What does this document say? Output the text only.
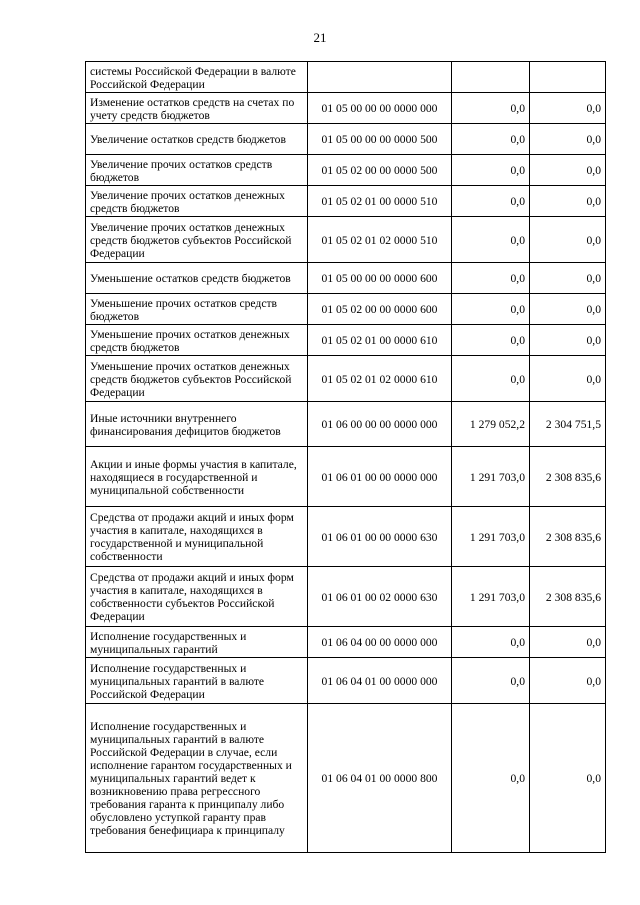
21
системы Российской Федерации в валюте Российской Федерации			
Изменение остатков средств на счетах по учету средств бюджетов	01 05 00 00 00 0000 000	0,0	0,0
Увеличение остатков средств бюджетов	01 05 00 00 00 0000 500	0,0	0,0
Увеличение прочих остатков средств бюджетов	01 05 02 00 00 0000 500	0,0	0,0
Увеличение прочих остатков денежных средств бюджетов	01 05 02 01 00 0000 510	0,0	0,0
Увеличение прочих остатков денежных средств бюджетов субъектов Российской Федерации	01 05 02 01 02 0000 510	0,0	0,0
Уменьшение остатков средств бюджетов	01 05 00 00 00 0000 600	0,0	0,0
Уменьшение прочих остатков средств бюджетов	01 05 02 00 00 0000 600	0,0	0,0
Уменьшение прочих остатков денежных средств бюджетов	01 05 02 01 00 0000 610	0,0	0,0
Уменьшение прочих остатков денежных средств бюджетов субъектов Российской Федерации	01 05 02 01 02 0000 610	0,0	0,0
Иные источники внутреннего финансирования дефицитов бюджетов	01 06 00 00 00 0000 000	1 279 052,2	2 304 751,5
Акции и иные формы участия в капитале, находящиеся в государственной и муниципальной собственности	01 06 01 00 00 0000 000	1 291 703,0	2 308 835,6
Средства от продажи акций и иных форм участия в капитале, находящихся в государственной и муниципальной собственности	01 06 01 00 00 0000 630	1 291 703,0	2 308 835,6
Средства от продажи акций и иных форм участия в капитале, находящихся в собственности субъектов Российской Федерации	01 06 01 00 02 0000 630	1 291 703,0	2 308 835,6
Исполнение государственных и муниципальных гарантий	01 06 04 00 00 0000 000	0,0	0,0
Исполнение государственных и муниципальных гарантий в валюте Российской Федерации	01 06 04 01 00 0000 000	0,0	0,0
Исполнение государственных и муниципальных гарантий в валюте Российской Федерации в случае, если исполнение гарантом государственных и муниципальных гарантий ведет к возникновению права регрессного требования гаранта к принципалу либо обусловлено уступкой гаранту прав требования бенефициара к принципалу	01 06 04 01 00 0000 800	0,0	0,0
